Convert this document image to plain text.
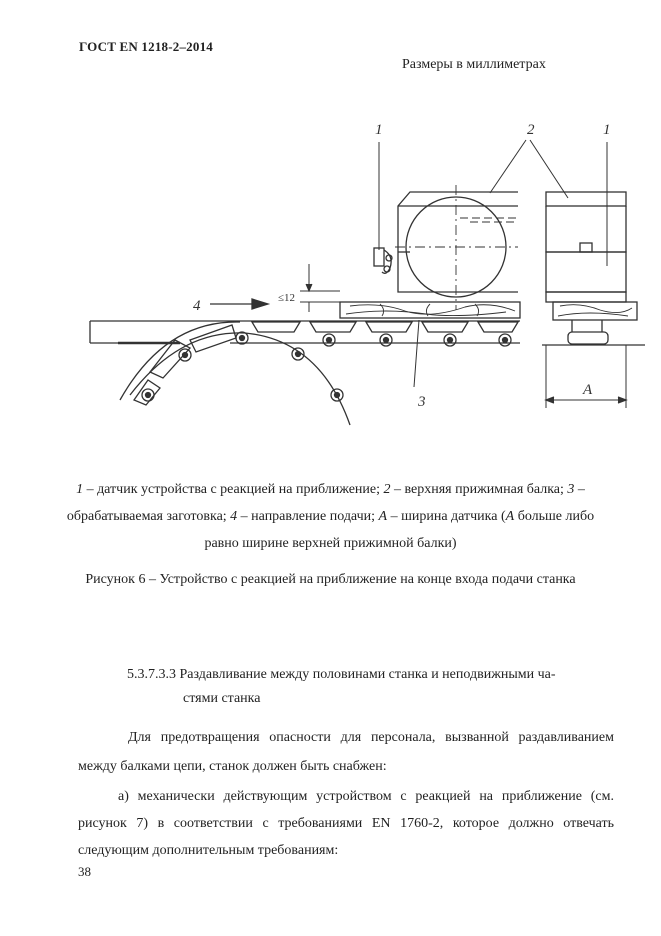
ГОСТ EN 1218-2–2014
Размеры в миллиметрах
1	2	1
4
3
A
≤12
1 – датчик устройства с реакцией на приближение; 2 – верхняя прижимная балка; 3 – обрабатываемая заготовка; 4 – направление подачи; A – ширина датчика (A больше либо равно ширине верхней прижимной балки)
Рисунок 6 – Устройство с реакцией на приближение на конце входа подачи станка
5.3.7.3.3 Раздавливание между половинами станка и неподвижными ча-
стями станка
Для предотвращения опасности для персонала, вызванной раздавливанием между балками цепи, станок должен быть снабжен:
а) механически действующим устройством с реакцией на приближение (см. рисунок 7) в соответствии с требованиями EN 1760-2, которое должно отвечать следующим дополнительным требованиям:
38
